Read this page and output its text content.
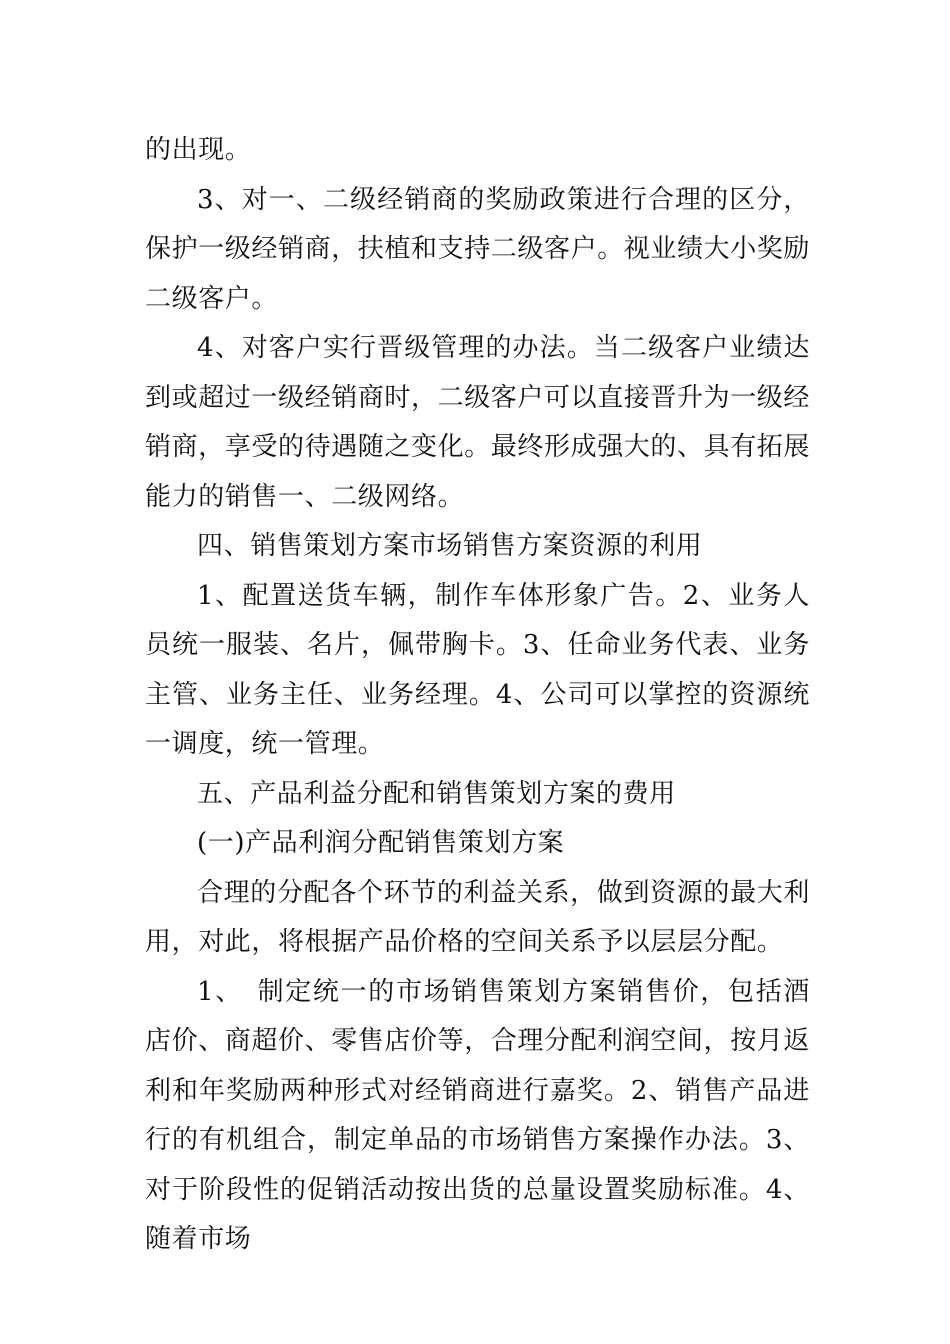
的出现。

3、对一、二级经销商的奖励政策进行合理的区分，保护一级经销商，扶植和支持二级客户。视业绩大小奖励二级客户。

4、对客户实行晋级管理的办法。当二级客户业绩达到或超过一级经销商时，二级客户可以直接晋升为一级经销商，享受的待遇随之变化。最终形成强大的、具有拓展能力的销售一、二级网络。

四、销售策划方案市场销售方案资源的利用

1、配置送货车辆，制作车体形象广告。2、业务人员统一服装、名片，佩带胸卡。3、任命业务代表、业务主管、业务主任、业务经理。4、公司可以掌控的资源统一调度，统一管理。

五、产品利益分配和销售策划方案的费用

(一)产品利润分配销售策划方案

合理的分配各个环节的利益关系，做到资源的最大利用，对此，将根据产品价格的空间关系予以层层分配。

1、　制定统一的市场销售策划方案销售价，包括酒店价、商超价、零售店价等，合理分配利润空间，按月返利和年奖励两种形式对经销商进行嘉奖。2、销售产品进行的有机组合，制定单品的市场销售方案操作办法。3、对于阶段性的促销活动按出货的总量设置奖励标准。4、随着市场
